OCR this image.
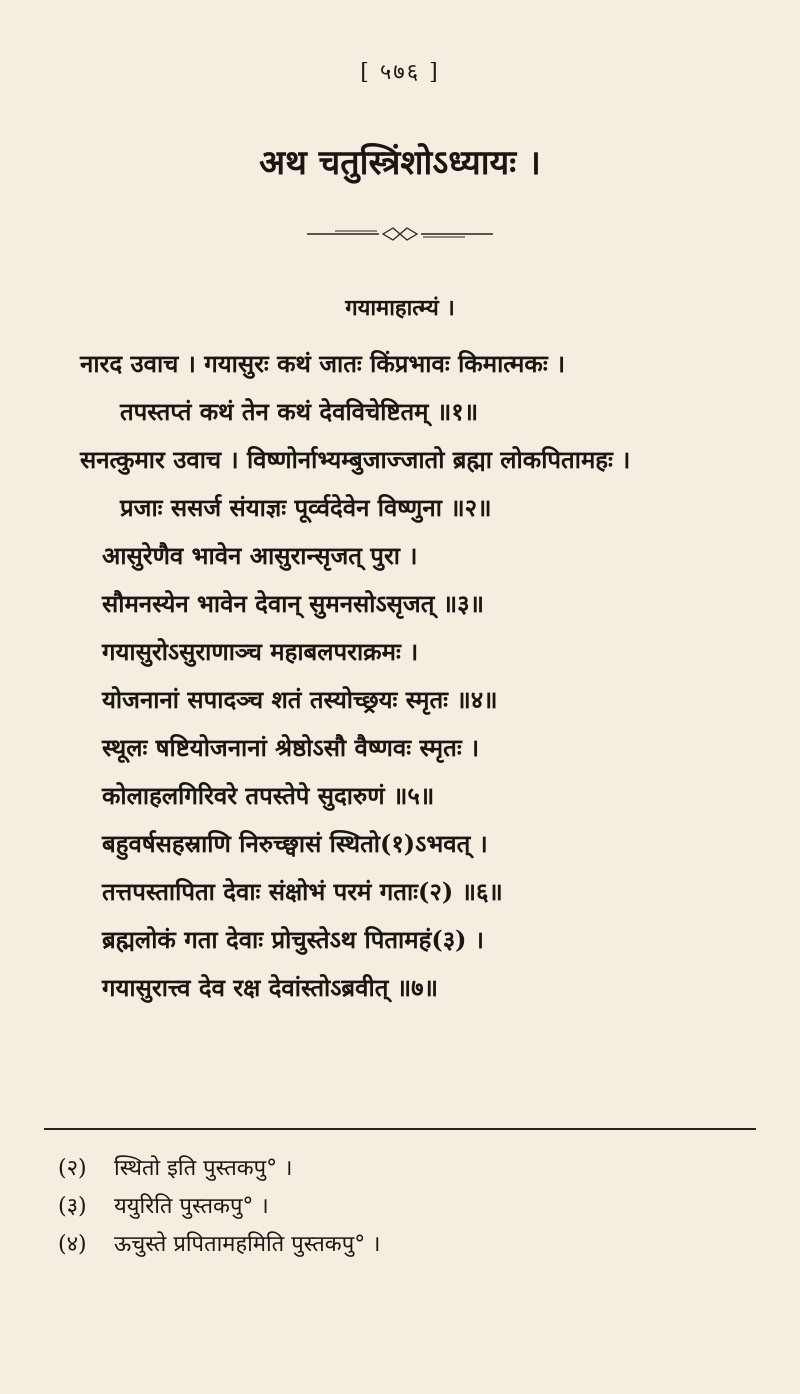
[ ५७६ ]
अथ चतुस्त्रिंशोऽध्यायः ।
गयामाहात्म्यं ।
नारद उवाच । गयासुरः कथं जातः किंप्रभावः किमात्मकः ।
तपस्तप्तं कथं तेन कथं देवविचेष्टितम् ॥१॥
सनत्कुमार उवाच । विष्णोर्नाभ्यम्बुजाज्जातो ब्रह्मा लोकपितामहः ।
प्रजाः ससर्ज संयाज्ञः पूर्व्वदेवेन विष्णुना ॥२॥
आसुरेणैव भावेन आसुरान्सृजत् पुरा ।
सौमनस्येन भावेन देवान् सुमनसोऽसृजत् ॥३॥
गयासुरोऽसुराणाञ्च महाबलपराक्रमः ।
योजनानां सपादञ्च शतं तस्योच्छ्रयः स्मृतः ॥४॥
स्थूलः षष्टियोजनानां श्रेष्ठोऽसौ वैष्णवः स्मृतः ।
कोलाहलगिरिवरे तपस्तेपे सुदारुणं ॥५॥
बहुवर्षसहस्राणि निरुच्छ्वासं स्थितो(१)ऽभवत् ।
तत्तपस्तापिता देवाः संक्षोभं परमं गताः(२) ॥६॥
ब्रह्मलोकं गता देवाः प्रोचुस्तेऽथ पितामहं(३) ।
गयासुरात्त्व देव रक्ष देवांस्तोऽब्रवीत् ॥७॥
(२)	स्थितो इति पुस्तकपु° ।
(३)	ययुरिति पुस्तकपु° ।
(४)	ऊचुस्ते प्रपितामहमिति पुस्तकपु° ।
